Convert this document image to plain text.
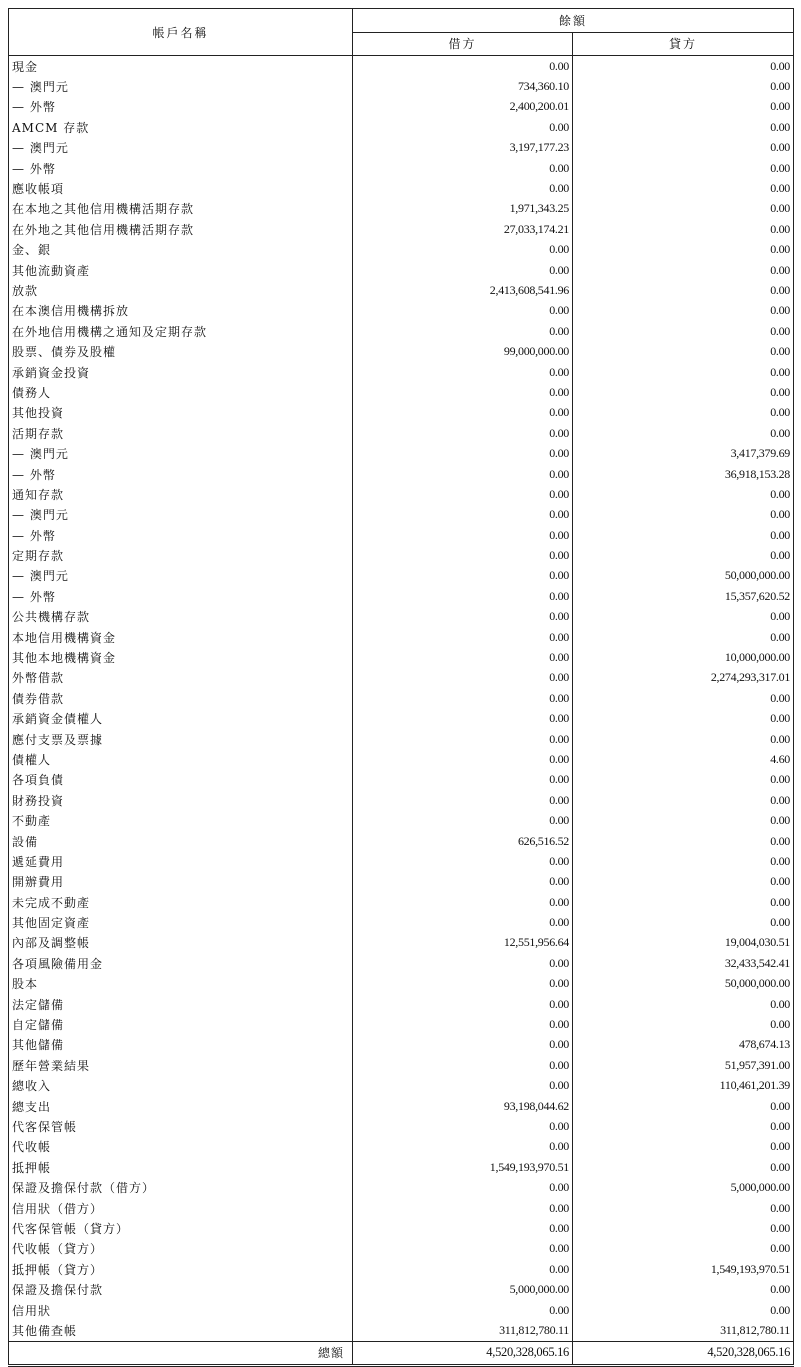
帳戶名稱	餘額	
	借方	貸方
現金	0.00	0.00
— 澳門元	734,360.10	0.00
— 外幣	2,400,200.01	0.00
AMCM 存款	0.00	0.00
— 澳門元	3,197,177.23	0.00
— 外幣	0.00	0.00
應收帳項	0.00	0.00
在本地之其他信用機構活期存款	1,971,343.25	0.00
在外地之其他信用機構活期存款	27,033,174.21	0.00
金、銀	0.00	0.00
其他流動資產	0.00	0.00
放款	2,413,608,541.96	0.00
在本澳信用機構拆放	0.00	0.00
在外地信用機構之通知及定期存款	0.00	0.00
股票、債券及股權	99,000,000.00	0.00
承銷資金投資	0.00	0.00
債務人	0.00	0.00
其他投資	0.00	0.00
活期存款	0.00	0.00
— 澳門元	0.00	3,417,379.69
— 外幣	0.00	36,918,153.28
通知存款	0.00	0.00
— 澳門元	0.00	0.00
— 外幣	0.00	0.00
定期存款	0.00	0.00
— 澳門元	0.00	50,000,000.00
— 外幣	0.00	15,357,620.52
公共機構存款	0.00	0.00
本地信用機構資金	0.00	0.00
其他本地機構資金	0.00	10,000,000.00
外幣借款	0.00	2,274,293,317.01
債券借款	0.00	0.00
承銷資金債權人	0.00	0.00
應付支票及票據	0.00	0.00
債權人	0.00	4.60
各項負債	0.00	0.00
財務投資	0.00	0.00
不動產	0.00	0.00
設備	626,516.52	0.00
遞延費用	0.00	0.00
開辦費用	0.00	0.00
未完成不動產	0.00	0.00
其他固定資產	0.00	0.00
內部及調整帳	12,551,956.64	19,004,030.51
各項風險備用金	0.00	32,433,542.41
股本	0.00	50,000,000.00
法定儲備	0.00	0.00
自定儲備	0.00	0.00
其他儲備	0.00	478,674.13
歷年營業結果	0.00	51,957,391.00
總收入	0.00	110,461,201.39
總支出	93,198,044.62	0.00
代客保管帳	0.00	0.00
代收帳	0.00	0.00
抵押帳	1,549,193,970.51	0.00
保證及擔保付款（借方）	0.00	5,000,000.00
信用狀（借方）	0.00	0.00
代客保管帳（貸方）	0.00	0.00
代收帳（貸方）	0.00	0.00
抵押帳（貸方）	0.00	1,549,193,970.51
保證及擔保付款	5,000,000.00	0.00
信用狀	0.00	0.00
其他備查帳	311,812,780.11	311,812,780.11
總額	4,520,328,065.16	4,520,328,065.16
